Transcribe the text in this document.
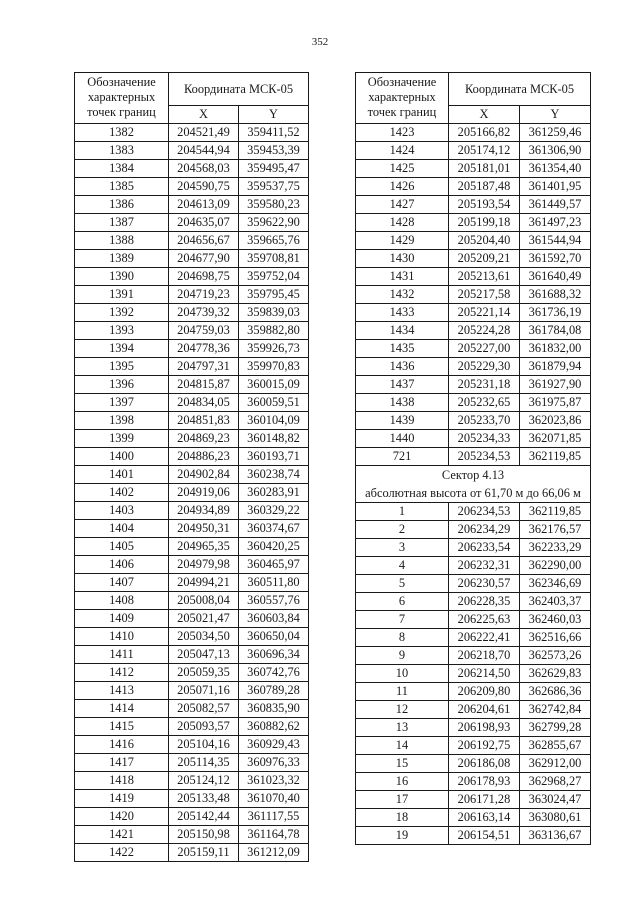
352
Обозначение характерных точек границ	Координата МСК-05	
	X	Y
1382	204521,49	359411,52
1383	204544,94	359453,39
1384	204568,03	359495,47
1385	204590,75	359537,75
1386	204613,09	359580,23
1387	204635,07	359622,90
1388	204656,67	359665,76
1389	204677,90	359708,81
1390	204698,75	359752,04
1391	204719,23	359795,45
1392	204739,32	359839,03
1393	204759,03	359882,80
1394	204778,36	359926,73
1395	204797,31	359970,83
1396	204815,87	360015,09
1397	204834,05	360059,51
1398	204851,83	360104,09
1399	204869,23	360148,82
1400	204886,23	360193,71
1401	204902,84	360238,74
1402	204919,06	360283,91
1403	204934,89	360329,22
1404	204950,31	360374,67
1405	204965,35	360420,25
1406	204979,98	360465,97
1407	204994,21	360511,80
1408	205008,04	360557,76
1409	205021,47	360603,84
1410	205034,50	360650,04
1411	205047,13	360696,34
1412	205059,35	360742,76
1413	205071,16	360789,28
1414	205082,57	360835,90
1415	205093,57	360882,62
1416	205104,16	360929,43
1417	205114,35	360976,33
1418	205124,12	361023,32
1419	205133,48	361070,40
1420	205142,44	361117,55
1421	205150,98	361164,78
1422	205159,11	361212,09
Обозначение характерных точек границ	Координата МСК-05	
	X	Y
1423	205166,82	361259,46
1424	205174,12	361306,90
1425	205181,01	361354,40
1426	205187,48	361401,95
1427	205193,54	361449,57
1428	205199,18	361497,23
1429	205204,40	361544,94
1430	205209,21	361592,70
1431	205213,61	361640,49
1432	205217,58	361688,32
1433	205221,14	361736,19
1434	205224,28	361784,08
1435	205227,00	361832,00
1436	205229,30	361879,94
1437	205231,18	361927,90
1438	205232,65	361975,87
1439	205233,70	362023,86
1440	205234,33	362071,85
721	205234,53	362119,85
Сектор 4.13
абсолютная высота от 61,70 м до 66,06 м		
1	206234,53	362119,85
2	206234,29	362176,57
3	206233,54	362233,29
4	206232,31	362290,00
5	206230,57	362346,69
6	206228,35	362403,37
7	206225,63	362460,03
8	206222,41	362516,66
9	206218,70	362573,26
10	206214,50	362629,83
11	206209,80	362686,36
12	206204,61	362742,84
13	206198,93	362799,28
14	206192,75	362855,67
15	206186,08	362912,00
16	206178,93	362968,27
17	206171,28	363024,47
18	206163,14	363080,61
19	206154,51	363136,67
